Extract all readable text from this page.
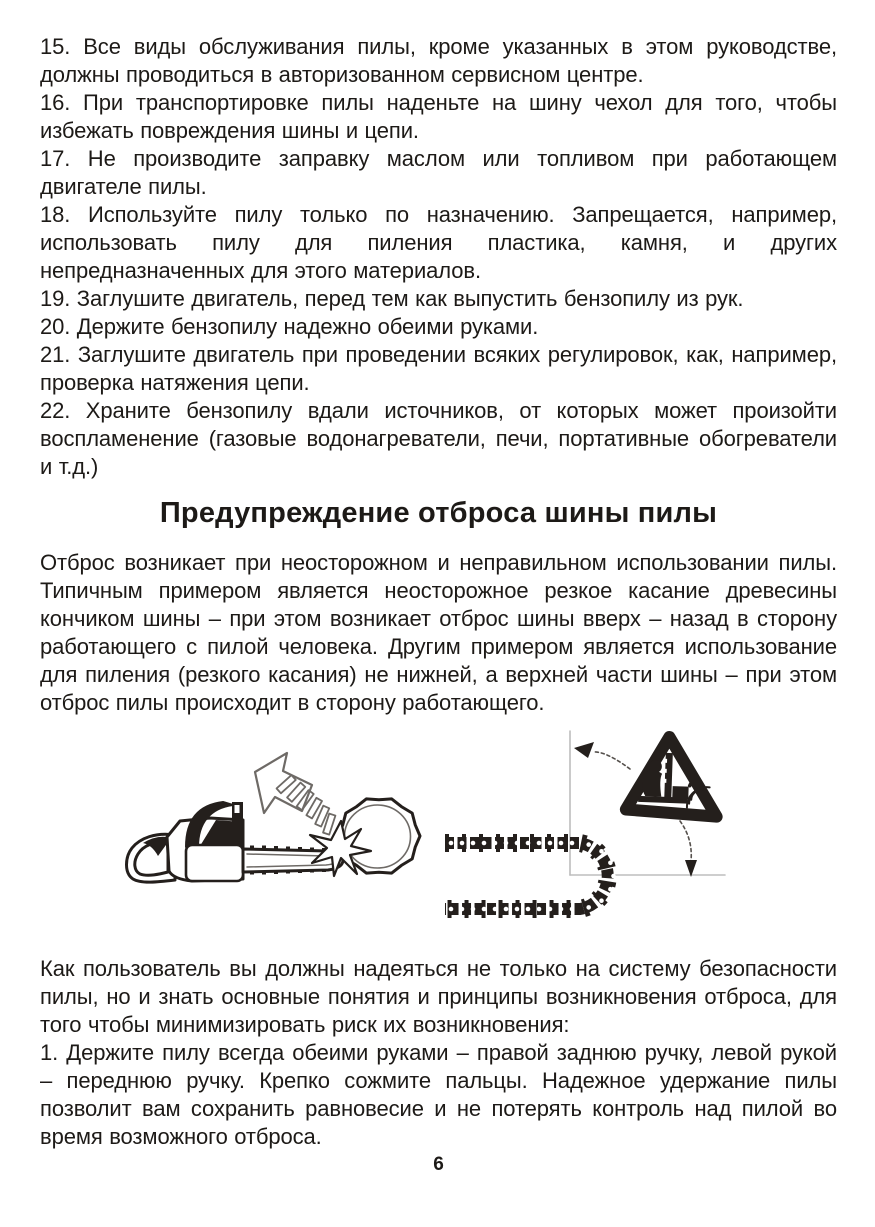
15. Все виды обслуживания пилы, кроме указанных в этом руководстве, должны проводиться в авторизованном сервисном центре.

16. При транспортировке пилы наденьте на шину чехол для того, чтобы избежать повреждения шины и цепи.

17. Не производите заправку маслом или топливом при работающем двигателе пилы.

18. Используйте пилу только по назначению. Запрещается, например, использовать пилу для пиления пластика, камня, и других непредназначенных для этого материалов.

19. Заглушите двигатель, перед тем как выпустить бензопилу из рук.

20. Держите бензопилу надежно обеими руками.

21. Заглушите двигатель при проведении всяких регулировок, как, например, проверка натяжения цепи.

22. Храните бензопилу вдали источников, от которых может произойти воспламенение (газовые водонагреватели, печи, портативные обогреватели и т.д.)

Предупреждение отброса шины пилы

Отброс возникает при неосторожном и неправильном использовании пилы. Типичным примером является неосторожное резкое касание древесины кончиком шины – при этом возникает отброс шины вверх – назад в сторону работающего с пилой человека. Другим примером является использование для пиления (резкого касания) не нижней, а верхней части шины – при этом отброс пилы происходит в сторону работающего.

Как пользователь вы должны надеяться не только на систему безопасности пилы, но и знать основные понятия и принципы возникновения отброса, для того чтобы минимизировать риск их возникновения:

1. Держите пилу всегда обеими руками – правой заднюю ручку, левой рукой – переднюю ручку. Крепко сожмите пальцы. Надежное удержание пилы позволит вам сохранить равновесие и не потерять контроль над пилой во время возможного отброса.

6
